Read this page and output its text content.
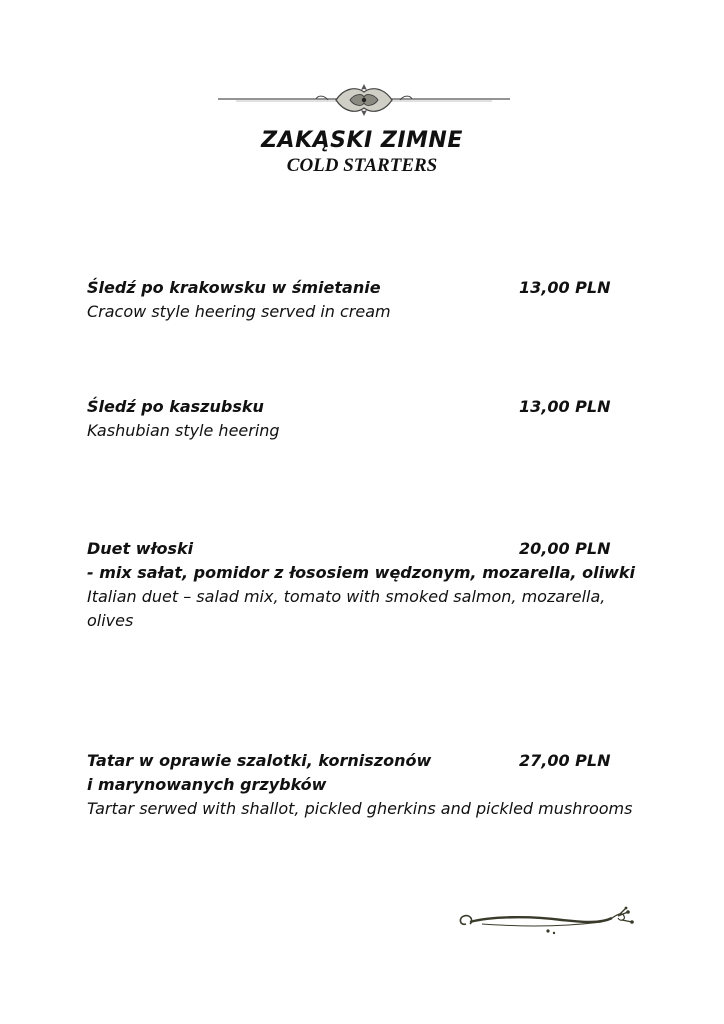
ZAKĄSKI ZIMNE
COLD STARTERS
Śledź po krakowsku w śmietanie	13,00 PLN
Cracow style heering served in cream
Śledź po kaszubsku	13,00 PLN
Kashubian style heering
Duet włoski	20,00 PLN
- mix sałat, pomidor z łososiem wędzonym, mozarella, oliwki
Italian duet – salad mix, tomato with smoked salmon, mozarella, olives
Tatar w oprawie szalotki, korniszonów	27,00 PLN
i marynowanych grzybków
Tartar serwed with shallot, pickled gherkins and pickled mushrooms
